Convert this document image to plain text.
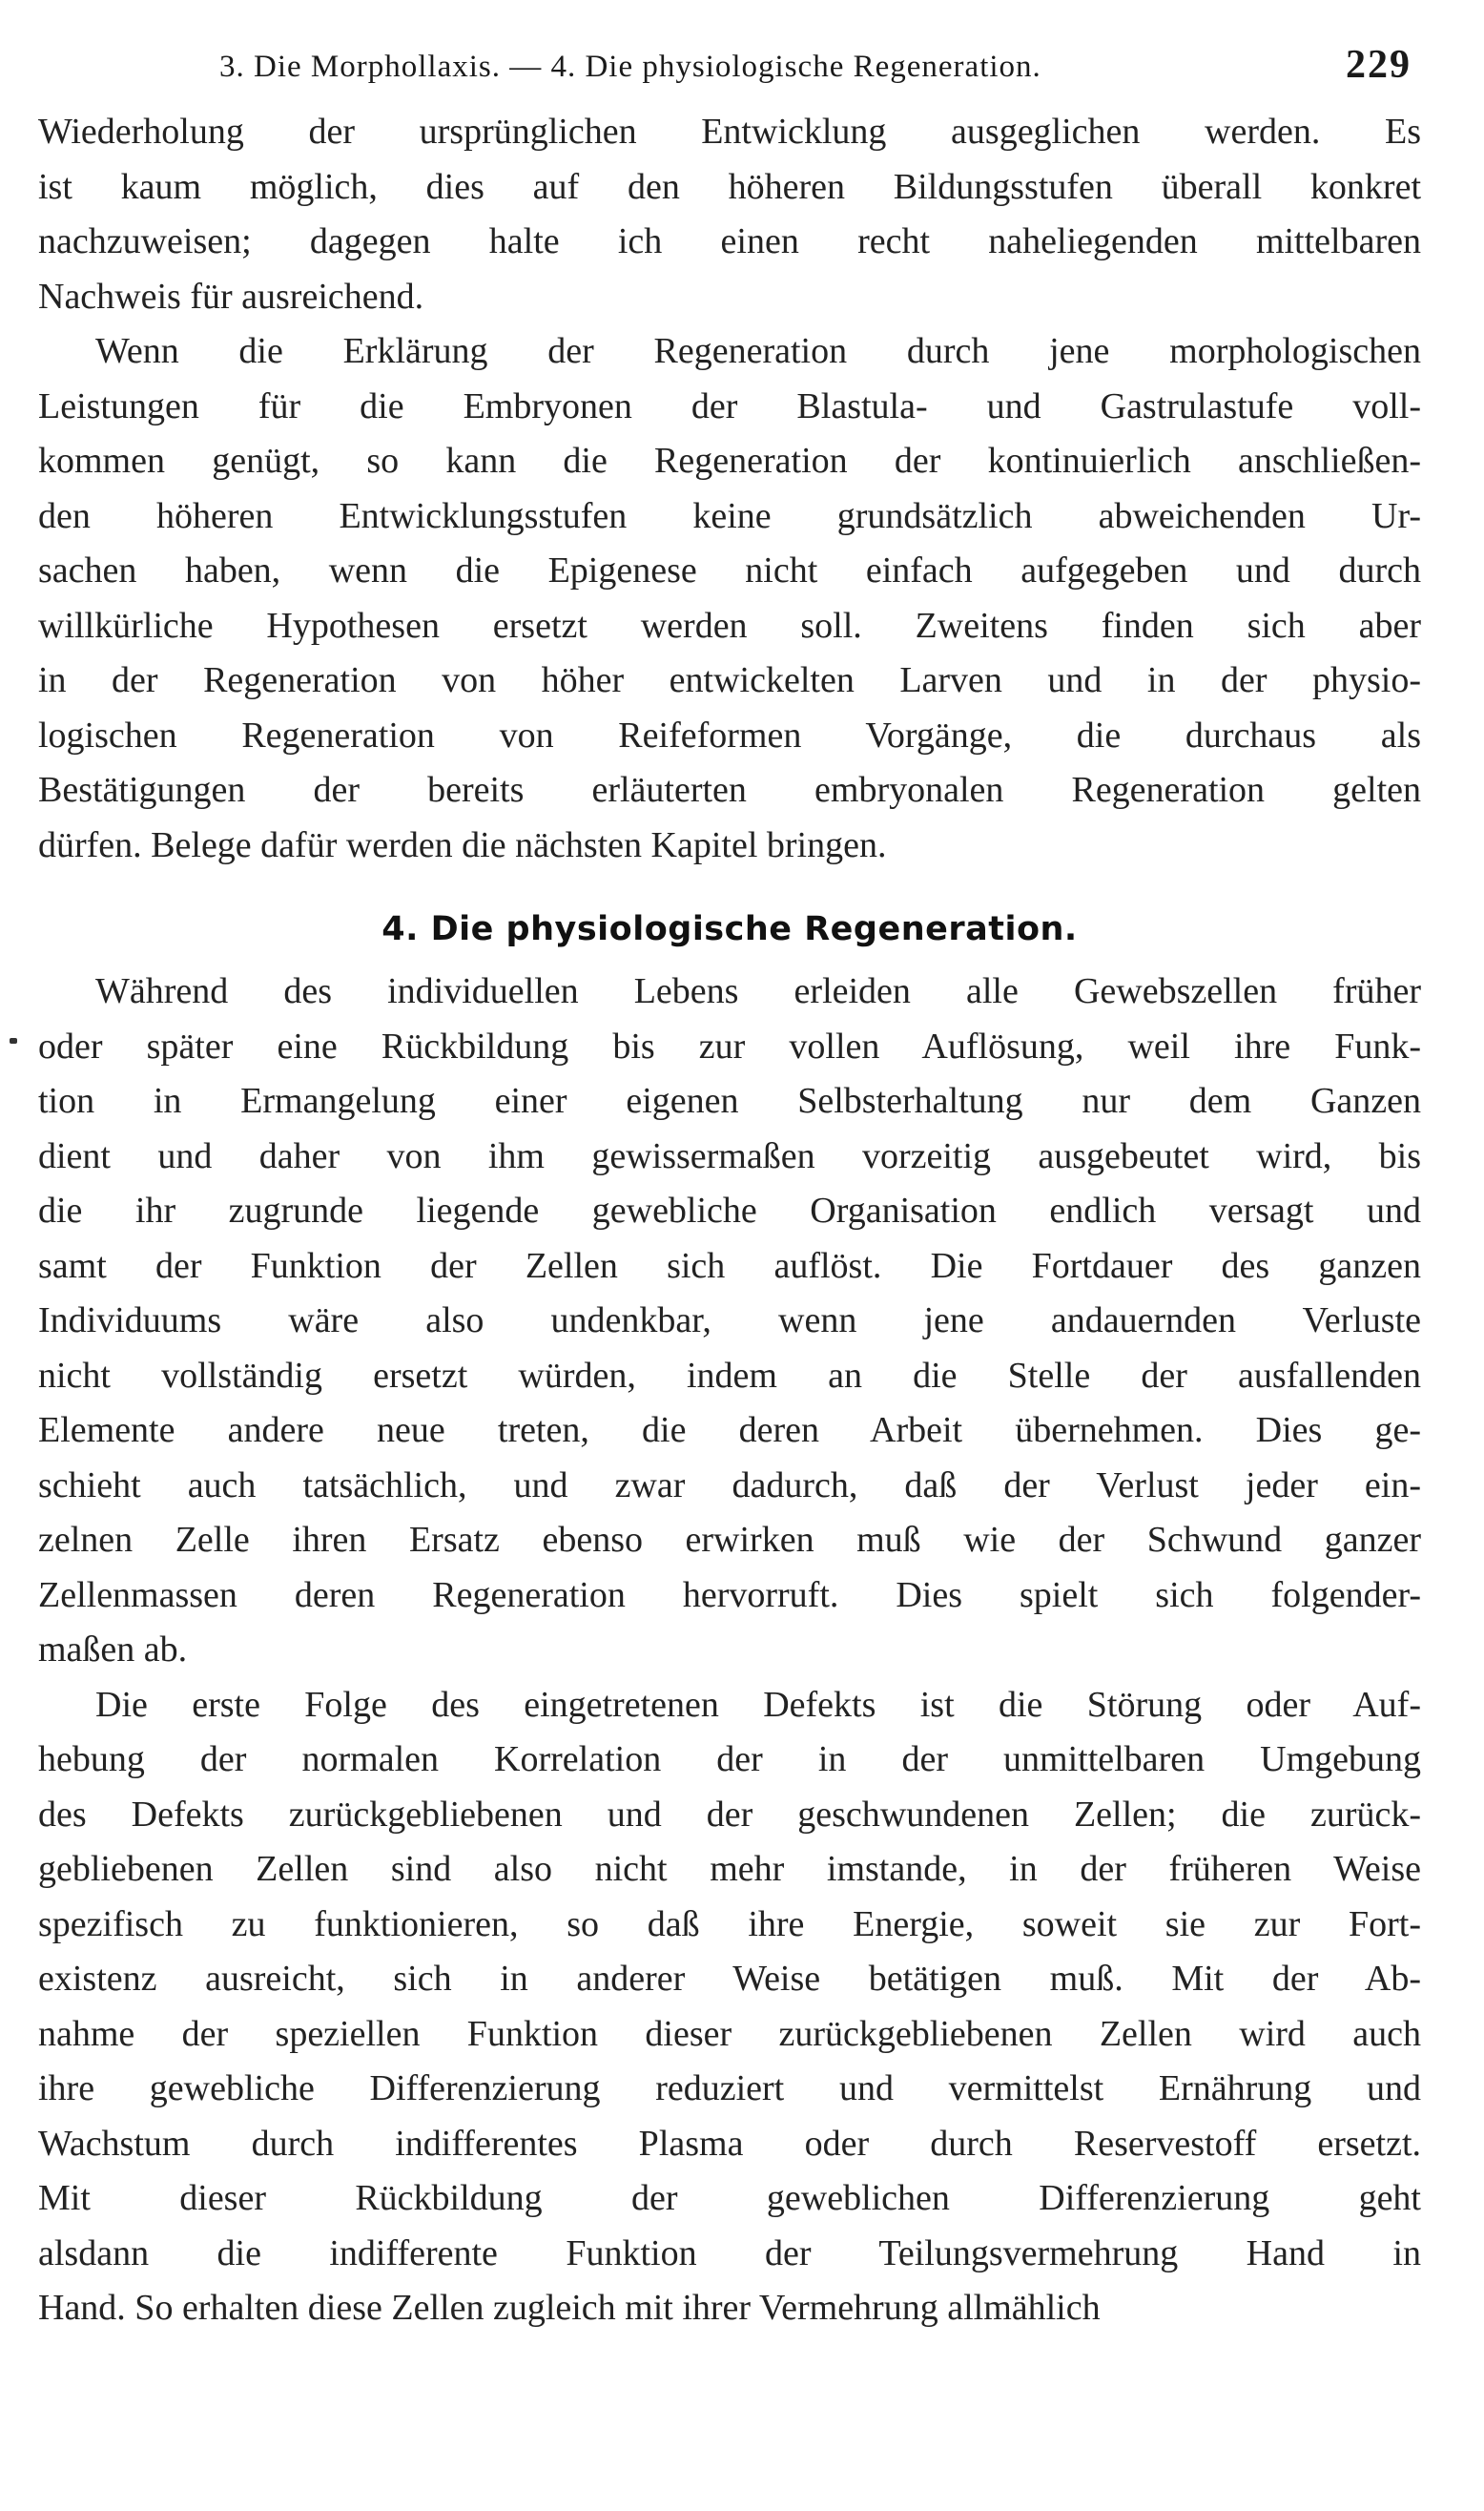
3. Die Morphollaxis. — 4. Die physiologische Regeneration.	229
Wiederholung der ursprünglichen Entwicklung ausgeglichen werden. Es
ist kaum möglich, dies auf den höheren Bildungsstufen überall konkret
nachzuweisen; dagegen halte ich einen recht naheliegenden mittelbaren
Nachweis für ausreichend.
Wenn die Erklärung der Regeneration durch jene morphologischen
Leistungen für die Embryonen der Blastula- und Gastrulastufe voll-
kommen genügt, so kann die Regeneration der kontinuierlich anschließen-
den höheren Entwicklungsstufen keine grundsätzlich abweichenden Ur-
sachen haben, wenn die Epigenese nicht einfach aufgegeben und durch
willkürliche Hypothesen ersetzt werden soll. Zweitens finden sich aber
in der Regeneration von höher entwickelten Larven und in der physio-
logischen Regeneration von Reifeformen Vorgänge, die durchaus als
Bestätigungen der bereits erläuterten embryonalen Regeneration gelten
dürfen. Belege dafür werden die nächsten Kapitel bringen.
4. Die physiologische Regeneration.
Während des individuellen Lebens erleiden alle Gewebszellen früher
oder später eine Rückbildung bis zur vollen Auflösung, weil ihre Funk-
tion in Ermangelung einer eigenen Selbsterhaltung nur dem Ganzen
dient und daher von ihm gewissermaßen vorzeitig ausgebeutet wird, bis
die ihr zugrunde liegende gewebliche Organisation endlich versagt und
samt der Funktion der Zellen sich auflöst. Die Fortdauer des ganzen
Individuums wäre also undenkbar, wenn jene andauernden Verluste
nicht vollständig ersetzt würden, indem an die Stelle der ausfallenden
Elemente andere neue treten, die deren Arbeit übernehmen. Dies ge-
schieht auch tatsächlich, und zwar dadurch, daß der Verlust jeder ein-
zelnen Zelle ihren Ersatz ebenso erwirken muß wie der Schwund ganzer
Zellenmassen deren Regeneration hervorruft. Dies spielt sich folgender-
maßen ab.
Die erste Folge des eingetretenen Defekts ist die Störung oder Auf-
hebung der normalen Korrelation der in der unmittelbaren Umgebung
des Defekts zurückgebliebenen und der geschwundenen Zellen; die zurück-
gebliebenen Zellen sind also nicht mehr imstande, in der früheren Weise
spezifisch zu funktionieren, so daß ihre Energie, soweit sie zur Fort-
existenz ausreicht, sich in anderer Weise betätigen muß. Mit der Ab-
nahme der speziellen Funktion dieser zurückgebliebenen Zellen wird auch
ihre gewebliche Differenzierung reduziert und vermittelst Ernährung und
Wachstum durch indifferentes Plasma oder durch Reservestoff ersetzt.
Mit dieser Rückbildung der geweblichen Differenzierung geht
alsdann die indifferente Funktion der Teilungsvermehrung Hand in
Hand. So erhalten diese Zellen zugleich mit ihrer Vermehrung allmählich
